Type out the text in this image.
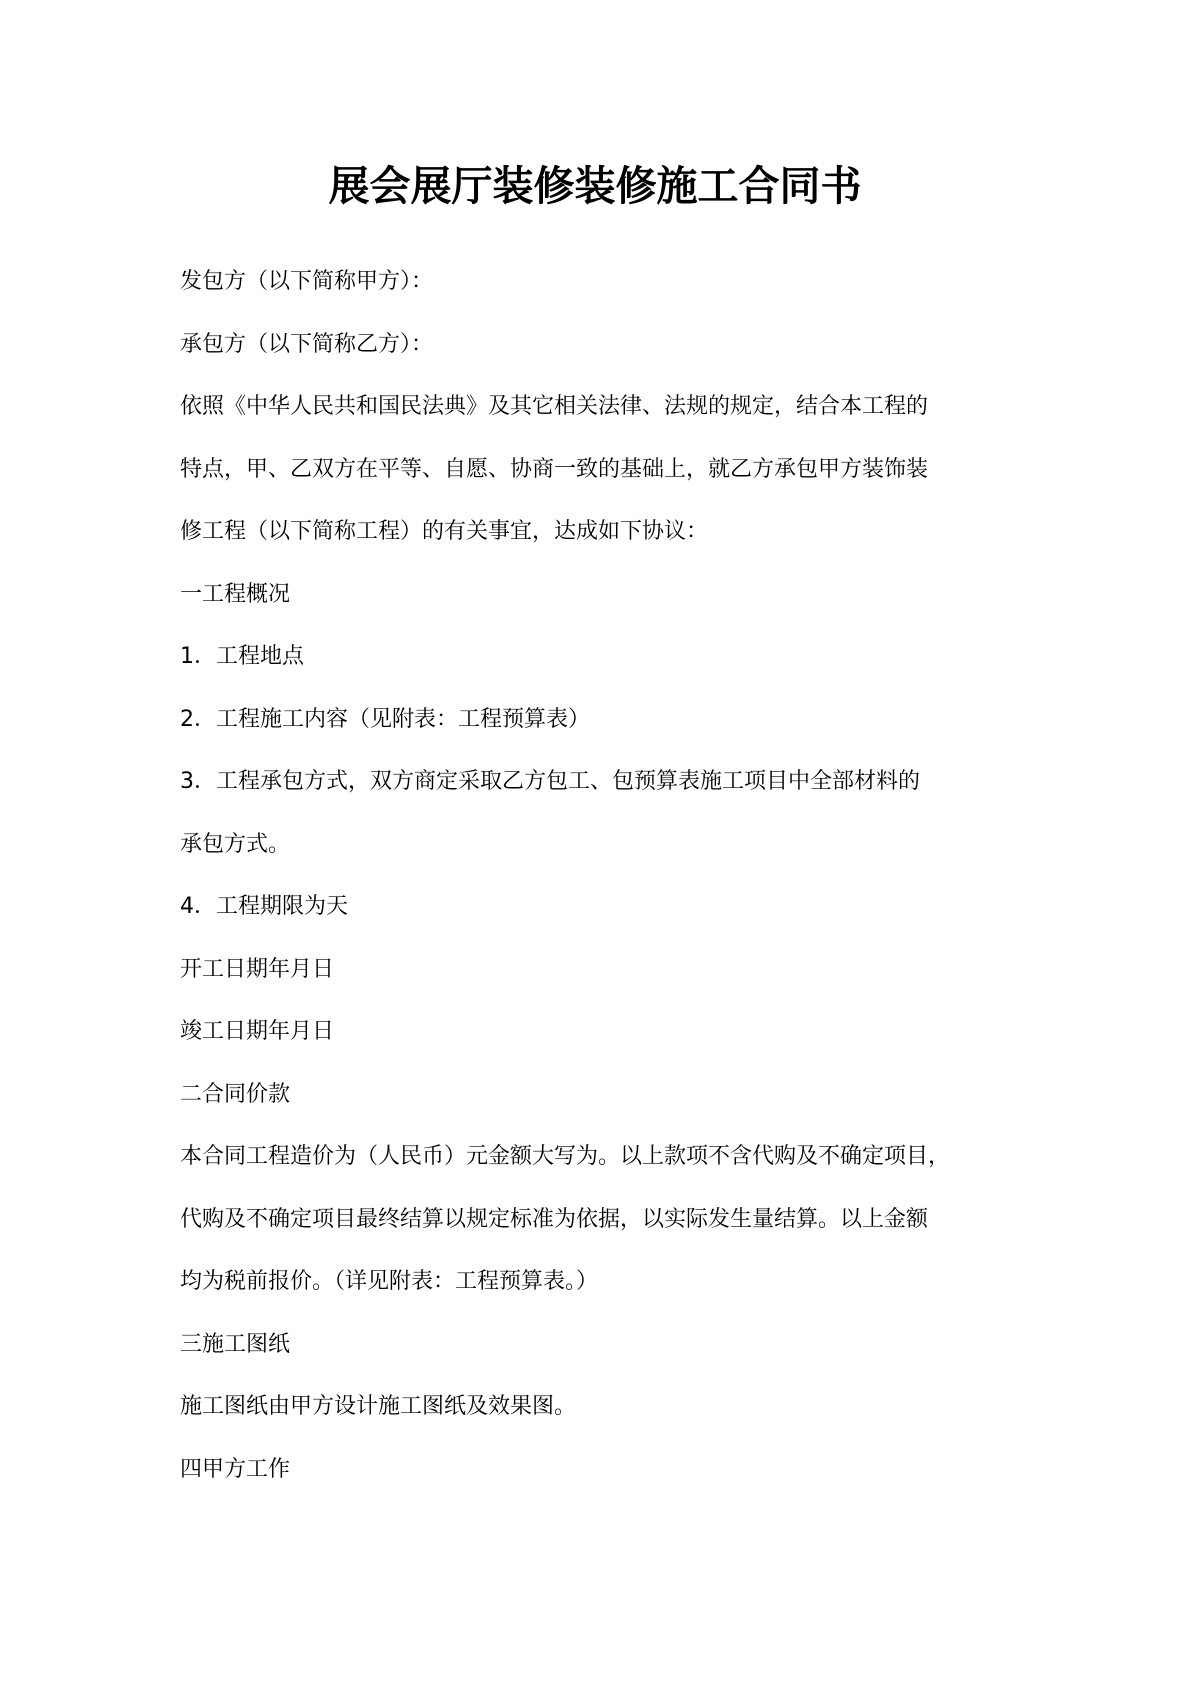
展会展厅装修装修施工合同书
发包方（以下简称甲方）：
承包方（以下简称乙方）：
依照《中华人民共和国民法典》及其它相关法律、法规的规定，结合本工程的
特点，甲、乙双方在平等、自愿、协商一致的基础上，就乙方承包甲方装饰装
修工程（以下简称工程）的有关事宜，达成如下协议：
一工程概况
1．工程地点
2．工程施工内容（见附表：工程预算表）
3．工程承包方式，双方商定采取乙方包工、包预算表施工项目中全部材料的
承包方式。
4．工程期限为天
开工日期年月日
竣工日期年月日
二合同价款
本合同工程造价为（人民币）元金额大写为。以上款项不含代购及不确定项目，
代购及不确定项目最终结算以规定标准为依据，以实际发生量结算。以上金额
均为税前报价。（详见附表：工程预算表。）
三施工图纸
施工图纸由甲方设计施工图纸及效果图。
四甲方工作
